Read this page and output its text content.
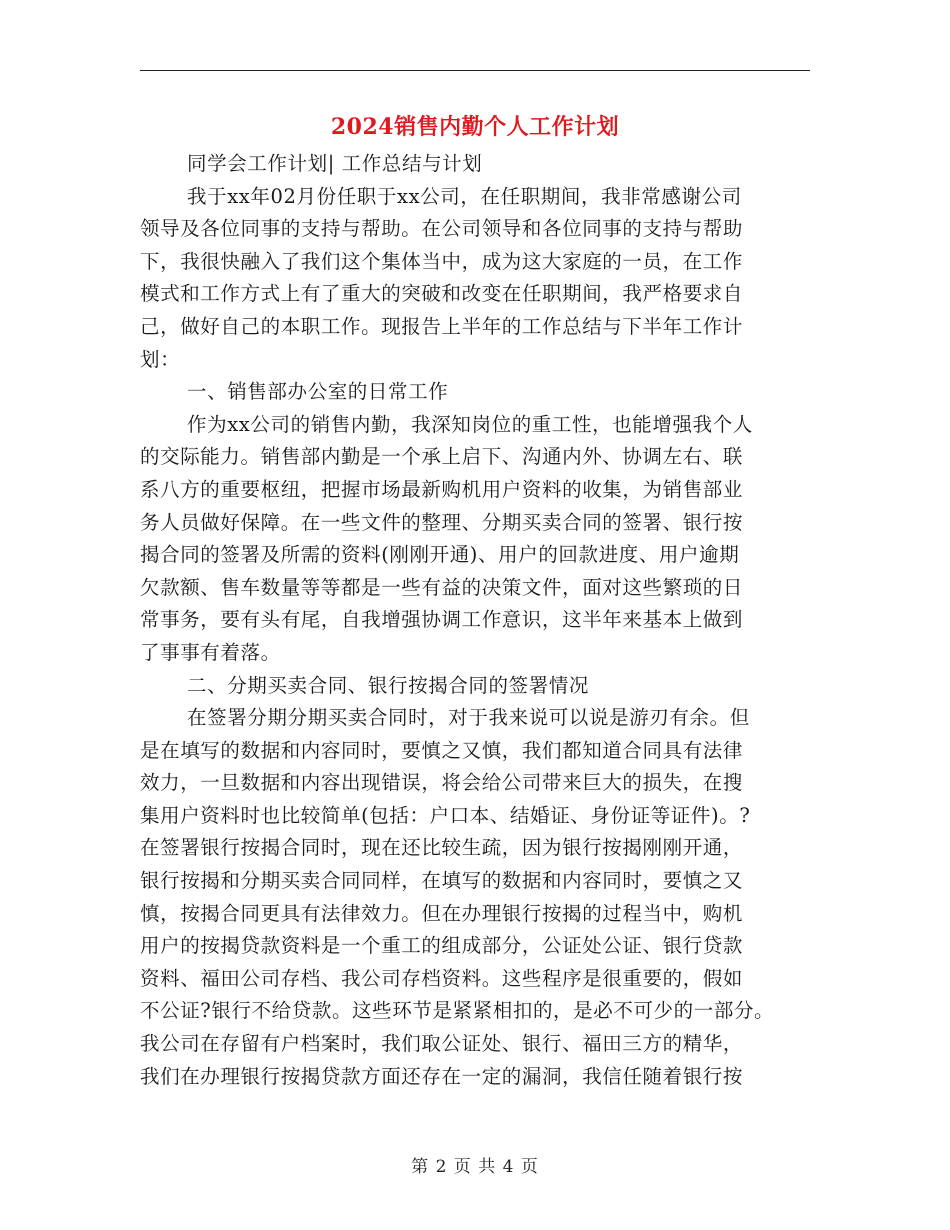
2024销售内勤个人工作计划
同学会工作计划| 工作总结与计划
我于xx年02月份任职于xx公司，在任职期间，我非常感谢公司
领导及各位同事的支持与帮助。在公司领导和各位同事的支持与帮助
下，我很快融入了我们这个集体当中，成为这大家庭的一员，在工作
模式和工作方式上有了重大的突破和改变在任职期间，我严格要求自
己，做好自己的本职工作。现报告上半年的工作总结与下半年工作计
划：
一、销售部办公室的日常工作
作为xx公司的销售内勤，我深知岗位的重工性，也能增强我个人
的交际能力。销售部内勤是一个承上启下、沟通内外、协调左右、联
系八方的重要枢纽，把握市场最新购机用户资料的收集，为销售部业
务人员做好保障。在一些文件的整理、分期买卖合同的签署、银行按
揭合同的签署及所需的资料(刚刚开通)、用户的回款进度、用户逾期
欠款额、售车数量等等都是一些有益的决策文件，面对这些繁琐的日
常事务，要有头有尾，自我增强协调工作意识，这半年来基本上做到
了事事有着落。
二、分期买卖合同、银行按揭合同的签署情况
在签署分期分期买卖合同时，对于我来说可以说是游刃有余。但
是在填写的数据和内容同时，要慎之又慎，我们都知道合同具有法律
效力，一旦数据和内容出现错误，将会给公司带来巨大的损失，在搜
集用户资料时也比较简单(包括：户口本、结婚证、身份证等证件)。?
在签署银行按揭合同时，现在还比较生疏，因为银行按揭刚刚开通，
银行按揭和分期买卖合同同样，在填写的数据和内容同时，要慎之又
慎，按揭合同更具有法律效力。但在办理银行按揭的过程当中，购机
用户的按揭贷款资料是一个重工的组成部分，公证处公证、银行贷款
资料、福田公司存档、我公司存档资料。这些程序是很重要的，假如
不公证?银行不给贷款。这些环节是紧紧相扣的，是必不可少的一部分。
我公司在存留有户档案时，我们取公证处、银行、福田三方的精华，
我们在办理银行按揭贷款方面还存在一定的漏洞，我信任随着银行按
第 2 页 共 4 页
